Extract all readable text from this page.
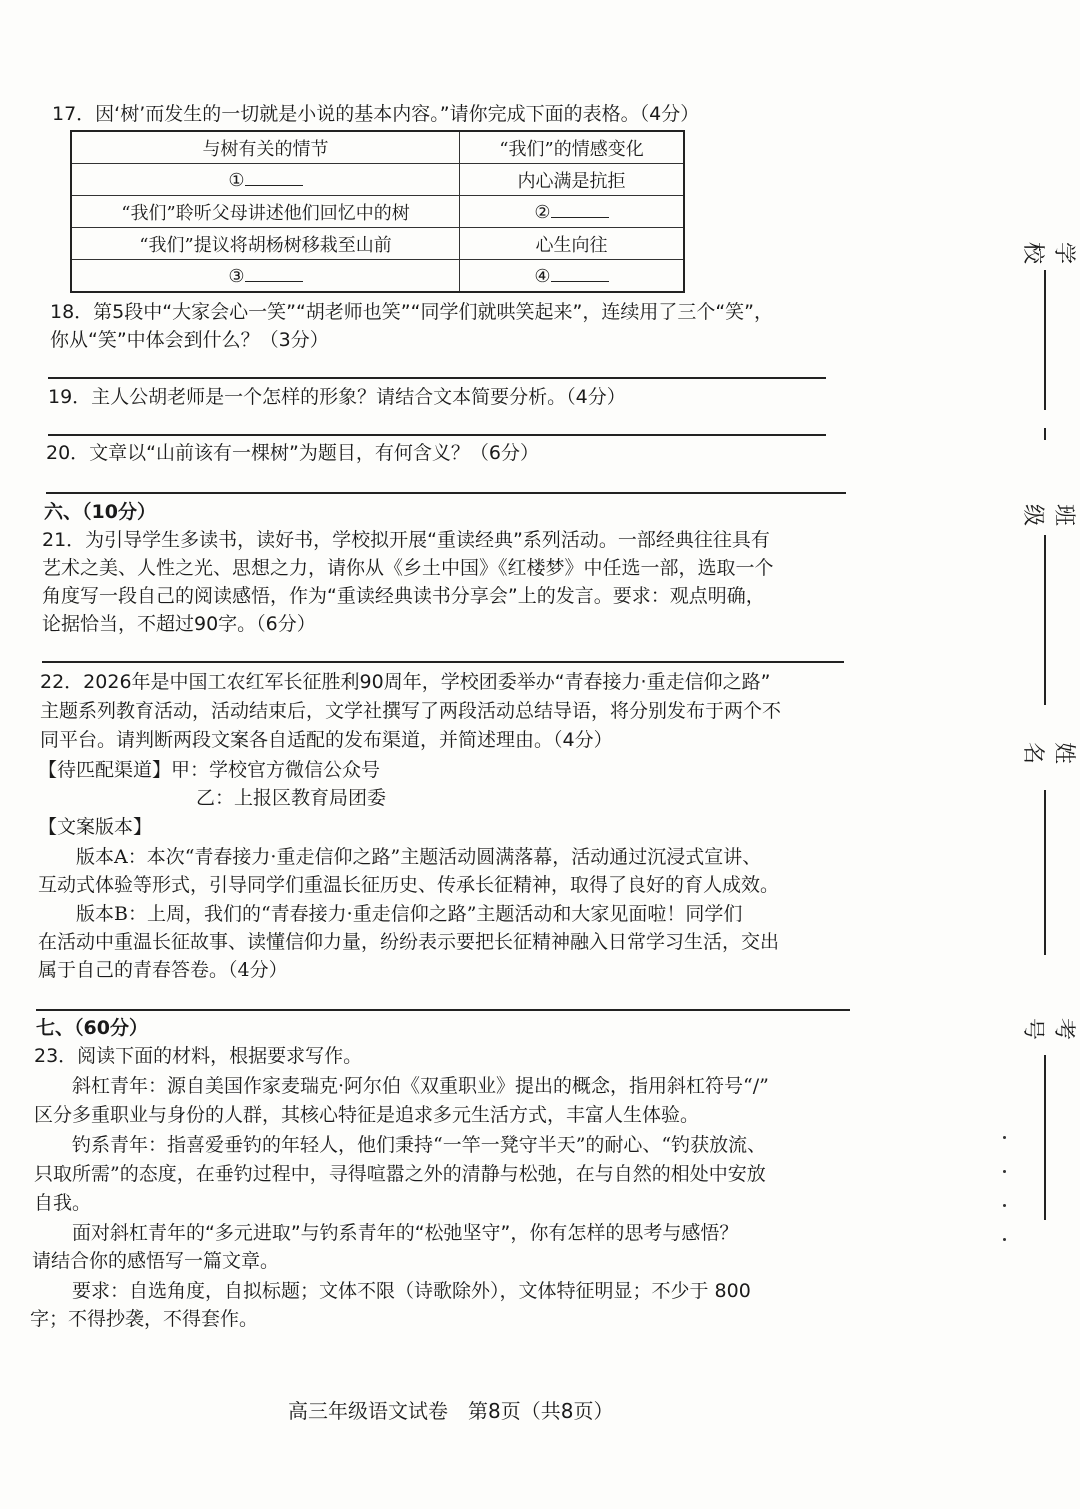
17．因‘树’而发生的一切就是小说的基本内容。”请你完成下面的表格。（4分）
与树有关的情节	“我们”的情感变化
①	内心满是抗拒
“我们”聆听父母讲述他们回忆中的树	②
“我们”提议将胡杨树移栽至山前	心生向往
③	④
18．第5段中“大家会心一笑”“胡老师也笑”“同学们就哄笑起来”，连续用了三个“笑”，
你从“笑”中体会到什么？（3分）
19．主人公胡老师是一个怎样的形象？请结合文本简要分析。（4分）
20．文章以“山前该有一棵树”为题目，有何含义？（6分）
六、（10分）
21．为引导学生多读书，读好书，学校拟开展“重读经典”系列活动。一部经典往往具有
艺术之美、人性之光、思想之力，请你从《乡土中国》《红楼梦》中任选一部，选取一个
角度写一段自己的阅读感悟，作为“重读经典读书分享会”上的发言。要求：观点明确，
论据恰当，不超过90字。（6分）
22．2026年是中国工农红军长征胜利90周年，学校团委举办“青春接力·重走信仰之路”
主题系列教育活动，活动结束后，文学社撰写了两段活动总结导语，将分别发布于两个不
同平台。请判断两段文案各自适配的发布渠道，并简述理由。（4分）
【待匹配渠道】甲：学校官方微信公众号
乙：上报区教育局团委
【文案版本】
版本A：本次“青春接力·重走信仰之路”主题活动圆满落幕，活动通过沉浸式宣讲、
互动式体验等形式，引导同学们重温长征历史、传承长征精神，取得了良好的育人成效。
版本B：上周，我们的“青春接力·重走信仰之路”主题活动和大家见面啦！同学们
在活动中重温长征故事、读懂信仰力量，纷纷表示要把长征精神融入日常学习生活，交出
属于自己的青春答卷。（4分）
七、（60分）
23．阅读下面的材料，根据要求写作。
斜杠青年：源自美国作家麦瑞克·阿尔伯《双重职业》提出的概念，指用斜杠符号“/”
区分多重职业与身份的人群，其核心特征是追求多元生活方式，丰富人生体验。
钓系青年：指喜爱垂钓的年轻人，他们秉持“一竿一凳守半天”的耐心、“钓获放流、
只取所需”的态度，在垂钓过程中，寻得喧嚣之外的清静与松弛，在与自然的相处中安放
自我。
面对斜杠青年的“多元进取”与钓系青年的“松弛坚守”，你有怎样的思考与感悟？
请结合你的感悟写一篇文章。
要求：自选角度，自拟标题；文体不限（诗歌除外），文体特征明显；不少于 800
字；不得抄袭，不得套作。
高三年级语文试卷　第8页（共8页）
学校
班级
姓名
考号
